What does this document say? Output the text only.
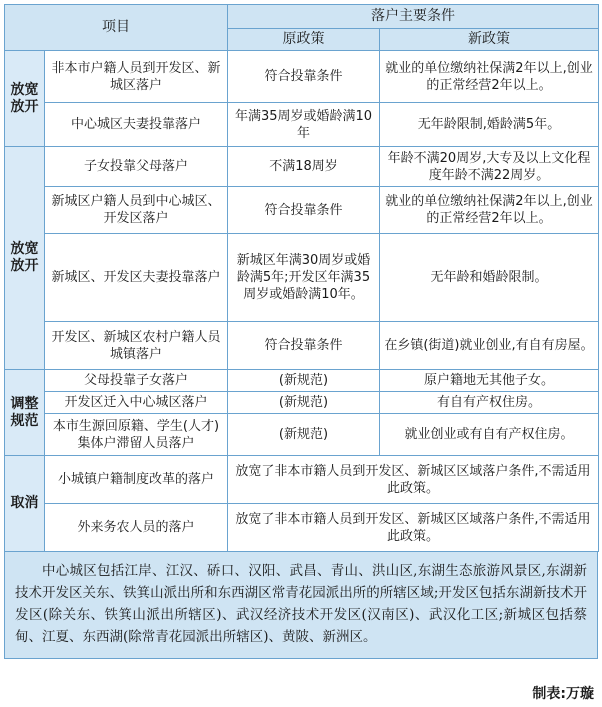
项目		落户主要条件	
		原政策	新政策
放宽放开	非本市户籍人员到开发区、新城区落户	符合投靠条件	就业的单位缴纳社保满2年以上,创业的正常经营2年以上。
	中心城区夫妻投靠落户	年满35周岁或婚龄满10年	无年龄限制,婚龄满5年。
放宽放开	子女投靠父母落户	不满18周岁	年龄不满20周岁,大专及以上文化程度年龄不满22周岁。
	新城区户籍人员到中心城区、开发区落户	符合投靠条件	就业的单位缴纳社保满2年以上,创业的正常经营2年以上。
	新城区、开发区夫妻投靠落户	新城区年满30周岁或婚龄满5年;开发区年满35周岁或婚龄满10年。	无年龄和婚龄限制。
	开发区、新城区农村户籍人员城镇落户	符合投靠条件	在乡镇(街道)就业创业,有自有房屋。
调整规范	父母投靠子女落户	(新规范)	原户籍地无其他子女。
	开发区迁入中心城区落户	(新规范)	有自有产权住房。
	本市生源回原籍、学生(人才)集体户滞留人员落户	(新规范)	就业创业或有自有产权住房。
取消	小城镇户籍制度改革的落户	放宽了非本市籍人员到开发区、新城区区域落户条件,不需适用此政策。	
	外来务农人员的落户	放宽了非本市籍人员到开发区、新城区区域落户条件,不需适用此政策。	
中心城区包括江岸、江汉、硚口、汉阳、武昌、青山、洪山区,东湖生态旅游风景区,东湖新技术开发区关东、铁箕山派出所和东西湖区常青花园派出所的所辖区域;开发区包括东湖新技术开发区(除关东、铁箕山派出所辖区)、武汉经济技术开发区(汉南区)、武汉化工区;新城区包括蔡甸、江夏、东西湖(除常青花园派出所辖区)、黄陂、新洲区。
制表:万璇
